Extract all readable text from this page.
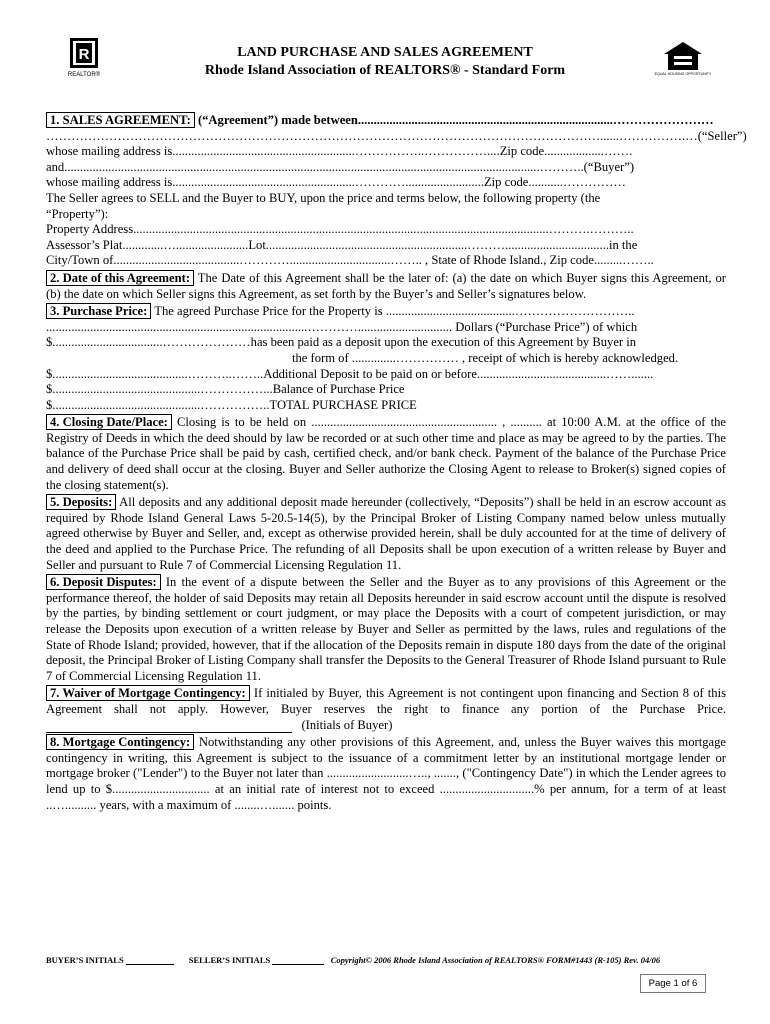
R
REALTOR®	EQUAL HOUSING OPPORTUNITY
LAND PURCHASE AND SALES AGREEMENT
Rhode Island Association of REALTORS® - Standard Form
1. SALES AGREEMENT: (“Agreement”) made between.................................................................................……………………
……………………………………………………………………………………………………………………......…………….…(“Seller”)
whose mailing address is..........................................................……………..……………....Zip code...................…….
and.......................................................................................................................................................………..(“Buyer”)
whose mailing address is..........................................................………….........................Zip code...........……………
The Seller agrees to SELL and the Buyer to BUY, upon the price and terms below, the following property (the
“Property”):
Property Address....................................................................................................................................……….………..
Assessor’s Plat.............….......................Lot................................................................……….................................in the
City/Town of........................................…………................................…….. , State of Rhode Island., Zip code.........……..
2. Date of this Agreement: The Date of this Agreement shall be the later of: (a) the date on which Buyer signs this Agreement, or (b) the date on which Seller signs this Agreement, as set forth by the Buyer’s and Seller’s signatures below.
3. Purchase Price: The agreed Purchase Price for the Property is .........................................………………………..
...................................................................................………….............................. Dollars (“Purchase Price”) of which
$...................................…………………has been paid as a deposit upon the execution of this Agreement by Buyer in
the form of ..............…………… , receipt of which is hereby acknowledged.
$...........................................………..……..Additional Deposit to be paid on or before.........................................…….......
$...............................................……………...Balance of Purchase Price
$...............................................……………..TOTAL PURCHASE PRICE
4. Closing Date/Place: Closing is to be held on ........................................................... , .......... at 10:00 A.M. at the office of the Registry of Deeds in which the deed should by law be recorded or at such other time and place as may be agreed to by the parties. The balance of the Purchase Price shall be paid by cash, certified check, and/or bank check. Payment of the balance of the Purchase Price and delivery of deed shall occur at the closing. Buyer and Seller authorize the Closing Agent to release to Broker(s) signed copies of the closing statement(s).
5. Deposits: All deposits and any additional deposit made hereunder (collectively, “Deposits”) shall be held in an escrow account as required by Rhode Island General Laws 5-20.5-14(5), by the Principal Broker of Listing Company named below unless mutually agreed otherwise by Buyer and Seller, and, except as otherwise provided herein, shall be duly accounted for at the time of delivery of the deed and applied to the Purchase Price. The refunding of all Deposits shall be upon execution of a written release by Buyer and Seller and pursuant to Rule 7 of Commercial Licensing Regulation 11.
6. Deposit Disputes: In the event of a dispute between the Seller and the Buyer as to any provisions of this Agreement or the performance thereof, the holder of said Deposits may retain all Deposits hereunder in said escrow account until the dispute is resolved by the parties, by binding settlement or court judgment, or may place the Deposits with a court of competent jurisdiction, or may release the Deposits upon execution of a written release by Buyer and Seller as permitted by the laws, rules and regulations of the State of Rhode Island; provided, however, that if the allocation of the Deposits remain in dispute 180 days from the date of the original deposit, the Principal Broker of Listing Company shall transfer the Deposits to the General Treasurer of Rhode Island pursuant to Rule 7 of Commercial Licensing Regulation 11.
7. Waiver of Mortgage Contingency: If initialed by Buyer, this Agreement is not contingent upon financing and Section 8 of this Agreement shall not apply. However, Buyer reserves the right to finance any portion of the Purchase Price.    (Initials of Buyer)
8. Mortgage Contingency: Notwithstanding any other provisions of this Agreement, and, unless the Buyer waives this mortgage contingency in writing, this Agreement is subject to the issuance of a commitment letter by an institutional mortgage lender or mortgage broker ("Lender") to the Buyer not later than ..........................….., ......., ("Contingency Date") in which the Lender agrees to lend up to $............................... at an initial rate of interest not to exceed ..............................% per annum, for a term of at least ..….......... years, with a maximum of ........…....... points.
BUYER’S INITIALS	SELLER’S INITIALS	Copyright© 2006 Rhode Island Association of REALTORS® FORM#1443 (R-105) Rev. 04/06
Page 1 of 6
